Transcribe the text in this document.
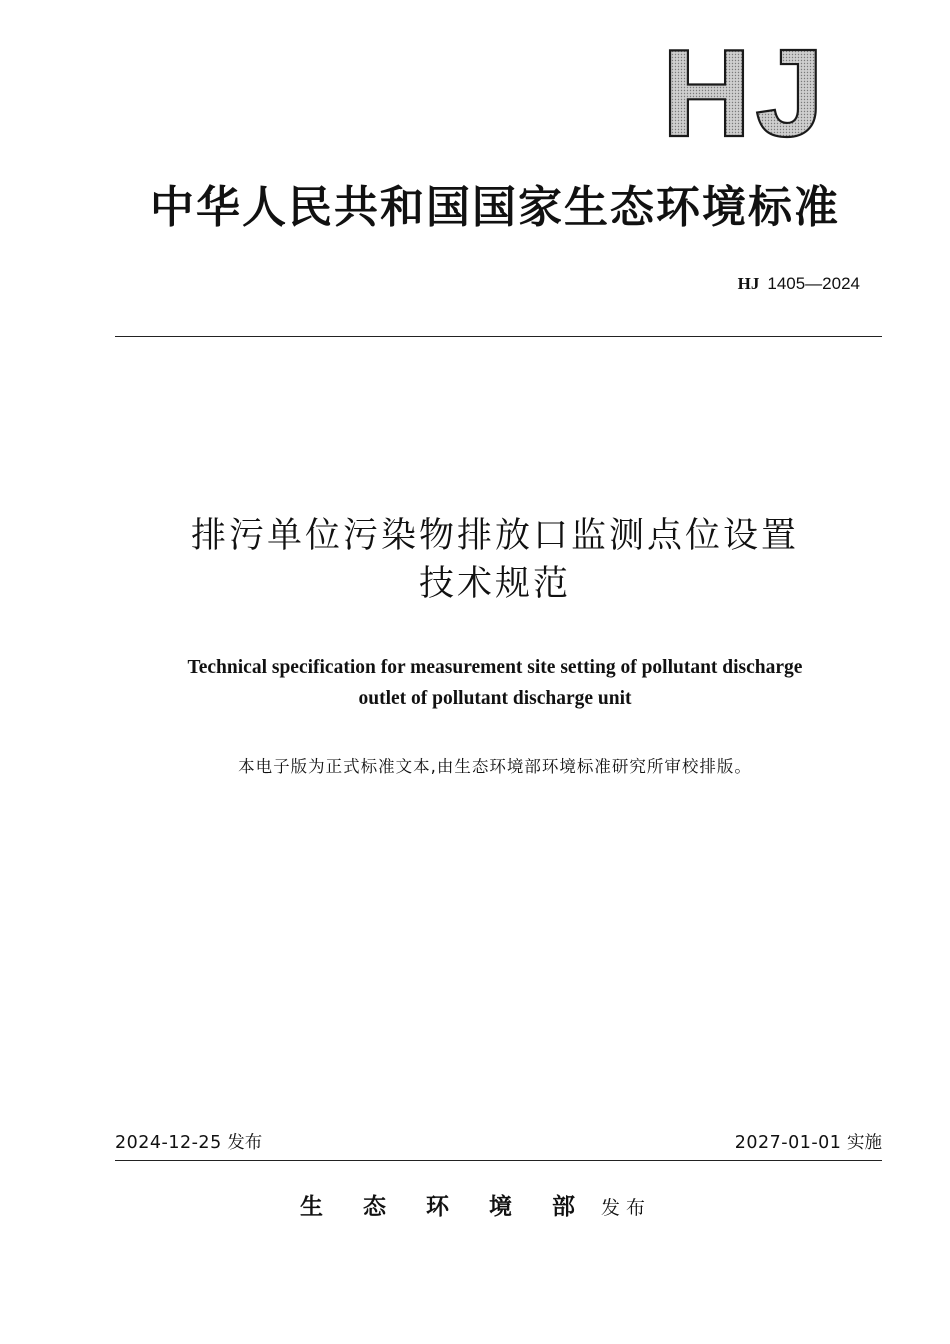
HJ
中华人民共和国国家生态环境标准
HJ 1405—2024
排污单位污染物排放口监测点位设置
技术规范
Technical specification for measurement site setting of pollutant discharge
outlet of pollutant discharge unit
本电子版为正式标准文本,由生态环境部环境标准研究所审校排版。
2024-12-25 发布	2027-01-01 实施
生态环境部发布
